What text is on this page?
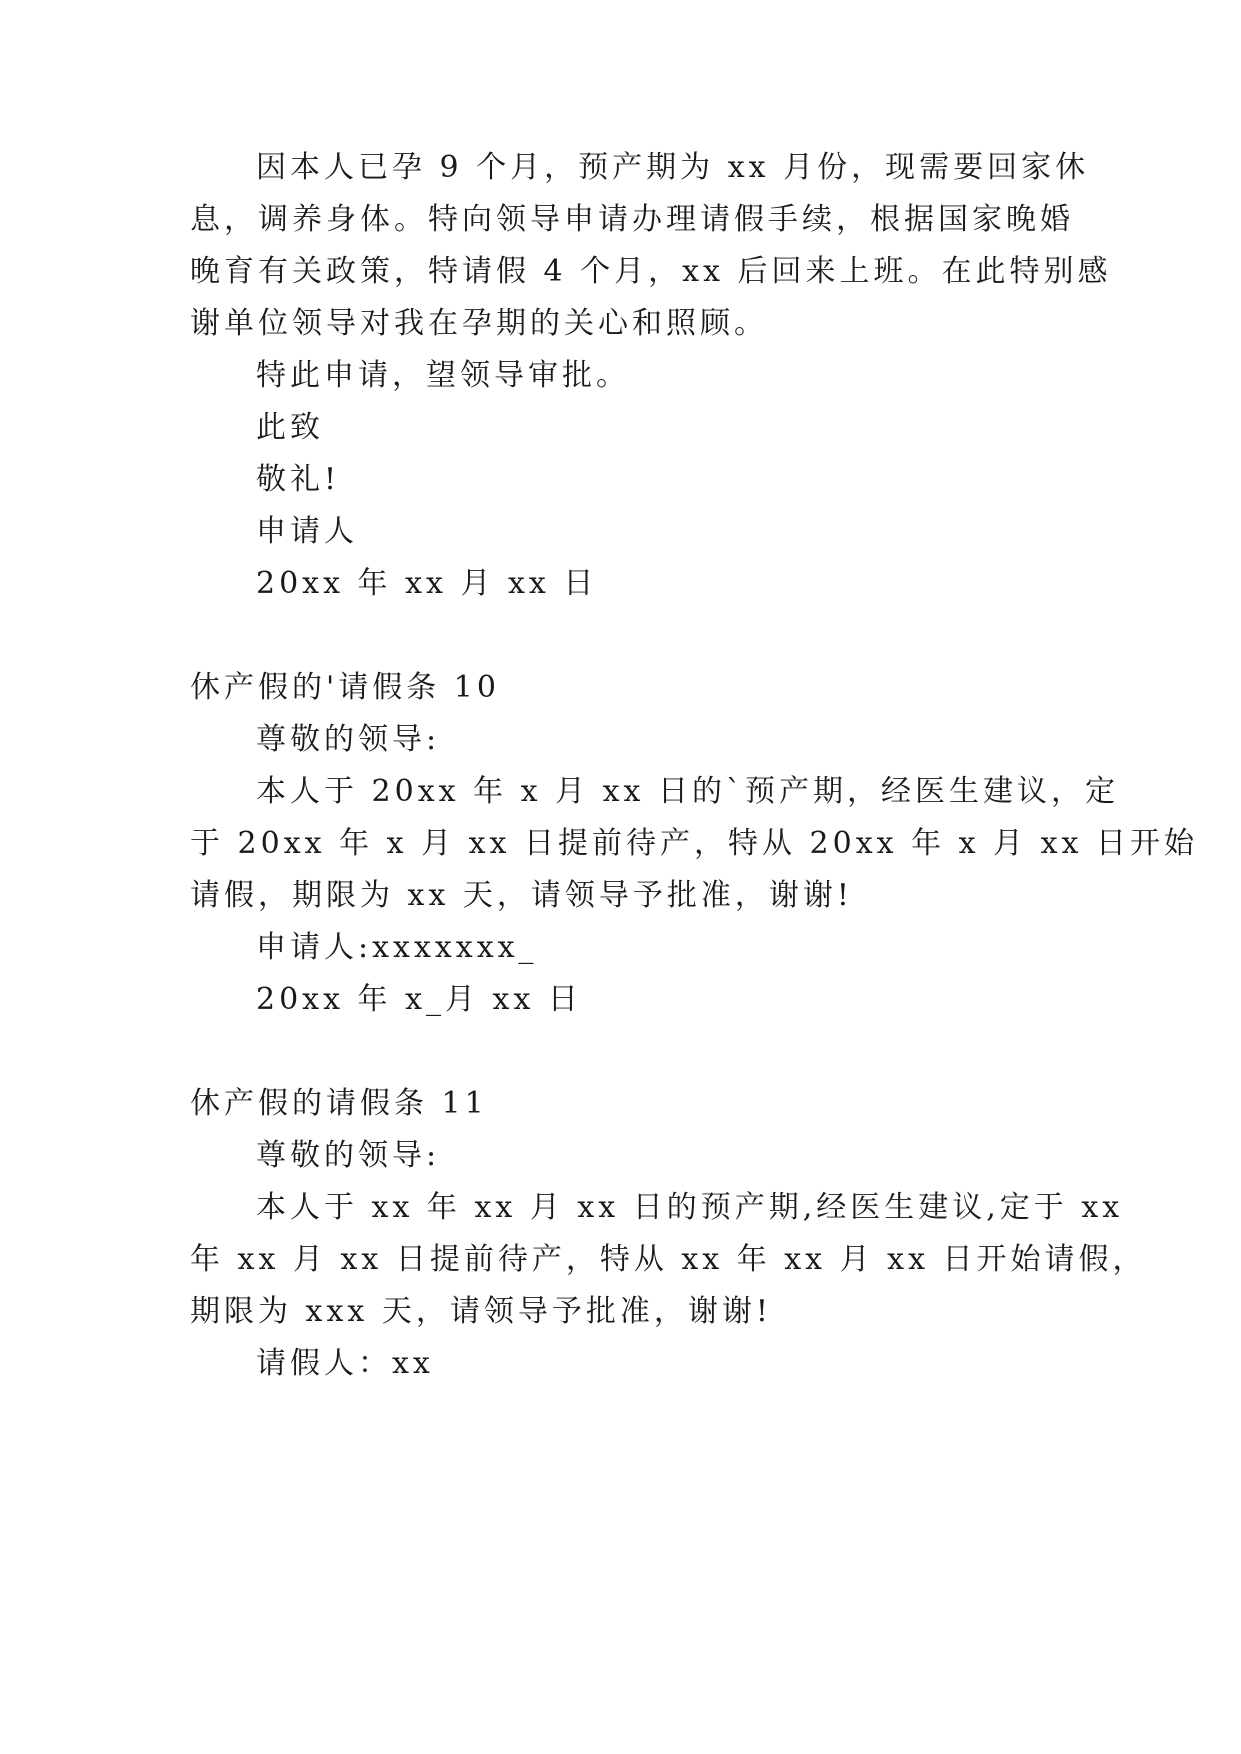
因本人已孕 9 个月，预产期为 xx 月份，现需要回家休
息，调养身体。特向领导申请办理请假手续，根据国家晚婚
晚育有关政策，特请假 4 个月，xx 后回来上班。在此特别感
谢单位领导对我在孕期的关心和照顾。
特此申请，望领导审批。
此致
敬礼!
申请人
20xx 年 xx 月 xx 日
休产假的'请假条 10
尊敬的领导:
本人于 20xx 年 x 月 xx 日的`预产期，经医生建议，定
于 20xx 年 x 月 xx 日提前待产，特从 20xx 年 x 月 xx 日开始
请假，期限为 xx 天，请领导予批准，谢谢!
申请人:xxxxxxx_
20xx 年 x_月 xx 日
休产假的请假条 11
尊敬的领导:
本人于 xx 年 xx 月 xx 日的预产期,经医生建议,定于 xx
年 xx 月 xx 日提前待产，特从 xx 年 xx 月 xx 日开始请假，
期限为 xxx 天，请领导予批准，谢谢!
请假人：xx
